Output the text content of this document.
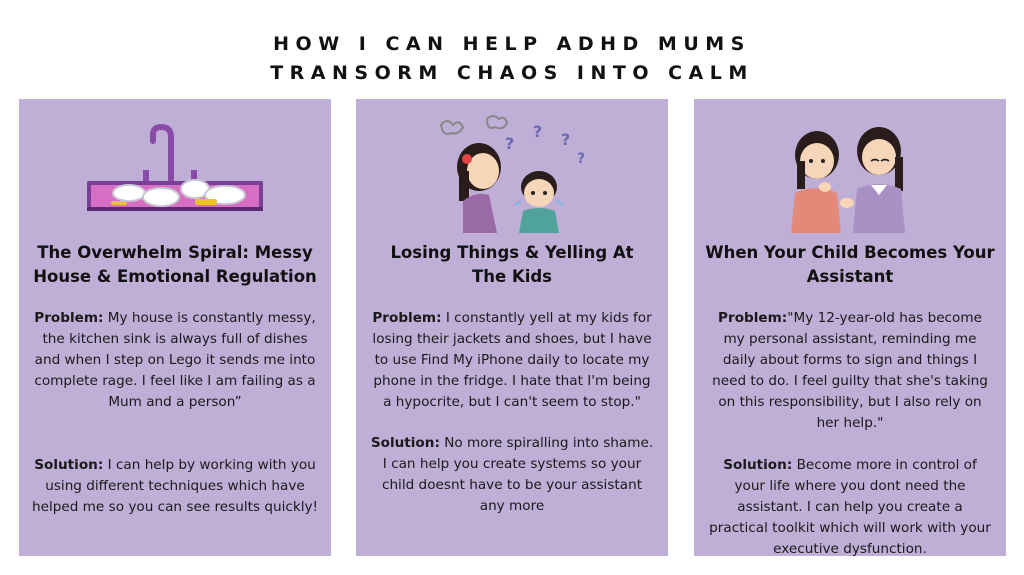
HOW I CAN HELP ADHD MUMS
TRANSORM CHAOS INTO CALM
The Overwhelm Spiral: Messy
House & Emotional Regulation
Problem: My house is constantly messy, the kitchen sink is always full of dishes and when I step on Lego it sends me into complete rage. I feel like I am failing as a Mum and a person”
Solution: I can help by working with you using different techniques which have helped me so you can see results quickly!
?
? ?
?
Losing Things & Yelling At
The Kids
Problem: I constantly yell at my kids for losing their jackets and shoes, but I have to use Find My iPhone daily to locate my phone in the fridge. I hate that I'm being a hypocrite, but I can't seem to stop."
Solution: No more spiralling into shame. I can help you create systems so your child doesnt have to be your assistant any more
When Your Child Becomes Your
Assistant
Problem:"My 12-year-old has become my personal assistant, reminding me daily about forms to sign and things I need to do. I feel guilty that she's taking on this responsibility, but I also rely on her help."
Solution: Become more in control of your life where you dont need the assistant. I can help you create a practical toolkit which will work with your executive dysfunction.
